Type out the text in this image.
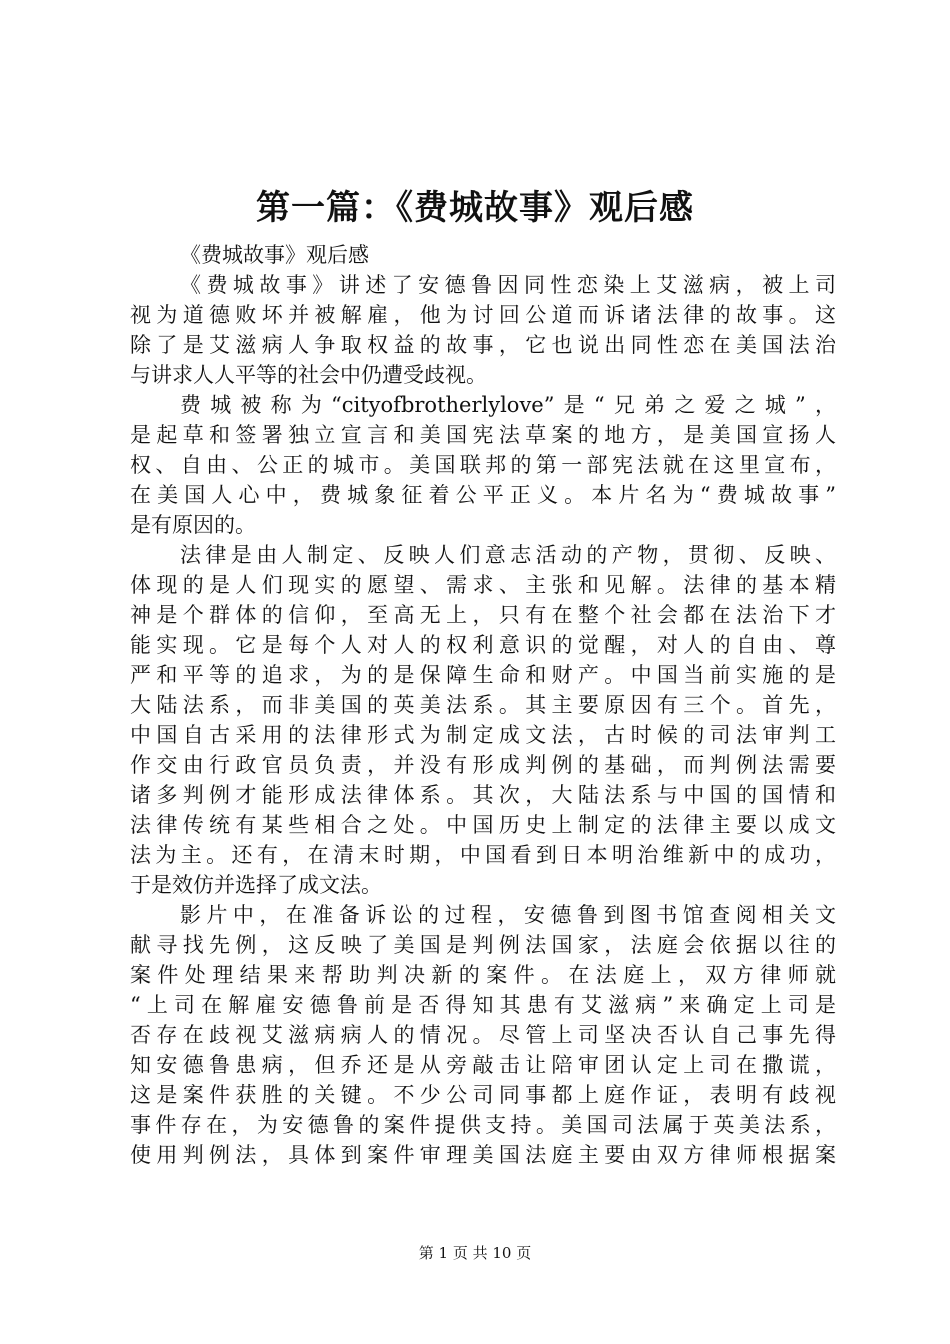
第一篇：《费城故事》观后感
《费城故事》观后感
《费城故事》讲述了安德鲁因同性恋染上艾滋病，被上司
视为道德败坏并被解雇，他为讨回公道而诉诸法律的故事。这
除了是艾滋病人争取权益的故事，它也说出同性恋在美国法治
与讲求人人平等的社会中仍遭受歧视。
费城被称为“cityofbrotherlylove”是“兄弟之爱之城”，
是起草和签署独立宣言和美国宪法草案的地方，是美国宣扬人
权、自由、公正的城市。美国联邦的第一部宪法就在这里宣布，
在美国人心中，费城象征着公平正义。本片名为“费城故事”
是有原因的。
法律是由人制定、反映人们意志活动的产物，贯彻、反映、
体现的是人们现实的愿望、需求、主张和见解。法律的基本精
神是个群体的信仰，至高无上，只有在整个社会都在法治下才
能实现。它是每个人对人的权利意识的觉醒，对人的自由、尊
严和平等的追求，为的是保障生命和财产。中国当前实施的是
大陆法系，而非美国的英美法系。其主要原因有三个。首先，
中国自古采用的法律形式为制定成文法，古时候的司法审判工
作交由行政官员负责，并没有形成判例的基础，而判例法需要
诸多判例才能形成法律体系。其次，大陆法系与中国的国情和
法律传统有某些相合之处。中国历史上制定的法律主要以成文
法为主。还有，在清末时期，中国看到日本明治维新中的成功，
于是效仿并选择了成文法。
影片中，在准备诉讼的过程，安德鲁到图书馆查阅相关文
献寻找先例，这反映了美国是判例法国家，法庭会依据以往的
案件处理结果来帮助判决新的案件。在法庭上，双方律师就
“上司在解雇安德鲁前是否得知其患有艾滋病”来确定上司是
否存在歧视艾滋病病人的情况。尽管上司坚决否认自己事先得
知安德鲁患病，但乔还是从旁敲击让陪审团认定上司在撒谎，
这是案件获胜的关键。不少公司同事都上庭作证，表明有歧视
事件存在，为安德鲁的案件提供支持。美国司法属于英美法系，
使用判例法，具体到案件审理美国法庭主要由双方律师根据案
第 1 页 共 10 页
